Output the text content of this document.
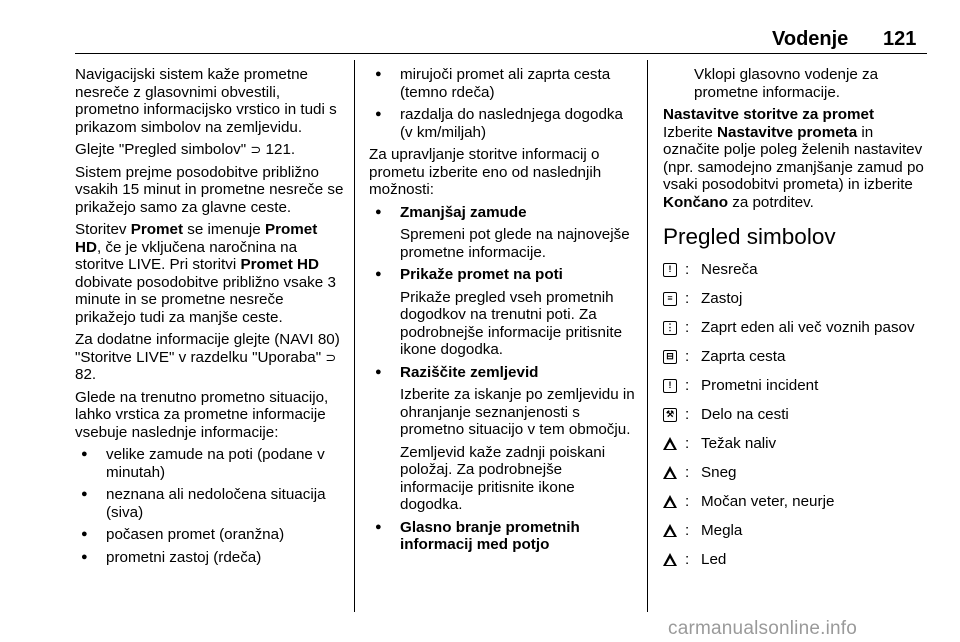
Vodenje 121

Navigacijski sistem kaže prometne nesreče z glasovnimi obvestili, prometno informacijsko vrstico in tudi s prikazom simbolov na zemljevidu.

Glejte "Pregled simbolov" ⊃ 121.

Sistem prejme posodobitve približno vsakih 15 minut in prometne nesreče se prikažejo samo za glavne ceste.

Storitev Promet se imenuje Promet HD, če je vključena naročnina na storitve LIVE. Pri storitvi Promet HD dobivate posodobitve približno vsake 3 minute in se prometne nesreče prikažejo tudi za manjše ceste.

Za dodatne informacije glejte (NAVI 80) "Storitve LIVE" v razdelku "Uporaba" ⊃ 82.

Glede na trenutno prometno situacijo, lahko vrstica za prometne informacije vsebuje naslednje informacije:

● velike zamude na poti (podane v minutah)
● neznana ali nedoločena situacija (siva)
● počasen promet (oranžna)
● prometni zastoj (rdeča)
● mirujoči promet ali zaprta cesta (temno rdeča)
● razdalja do naslednjega dogodka (v km/miljah)

Za upravljanje storitve informacij o prometu izberite eno od naslednjih možnosti:

● Zmanjšaj zamude
Spremeni pot glede na najnovejše prometne informacije.
● Prikaže promet na poti
Prikaže pregled vseh prometnih dogodkov na trenutni poti. Za podrobnejše informacije pritisnite ikone dogodka.
● Raziščite zemljevid
Izberite za iskanje po zemljevidu in ohranjanje seznanjenosti s prometno situacijo v tem območju.
Zemljevid kaže zadnji poiskani položaj. Za podrobnejše informacije pritisnite ikone dogodka.
● Glasno branje prometnih informacij med potjo

Vklopi glasovno vodenje za prometne informacije.

Nastavitve storitve za promet

Izberite Nastavitve prometa in označite polje poleg želenih nastavitev (npr. samodejno zmanjšanje zamud po vsaki posodobitvi prometa) in izberite Končano za potrditev.

Pregled simbolov
! : Nesreča
≡ : Zastoj
⋮ : Zaprt eden ali več voznih pasov
⊟ : Zaprta cesta
! : Prometni incident
⚒ : Delo na cesti
: Težak naliv
: Sneg
: Močan veter, neurje
: Megla
: Led
carmanualsonline.info
